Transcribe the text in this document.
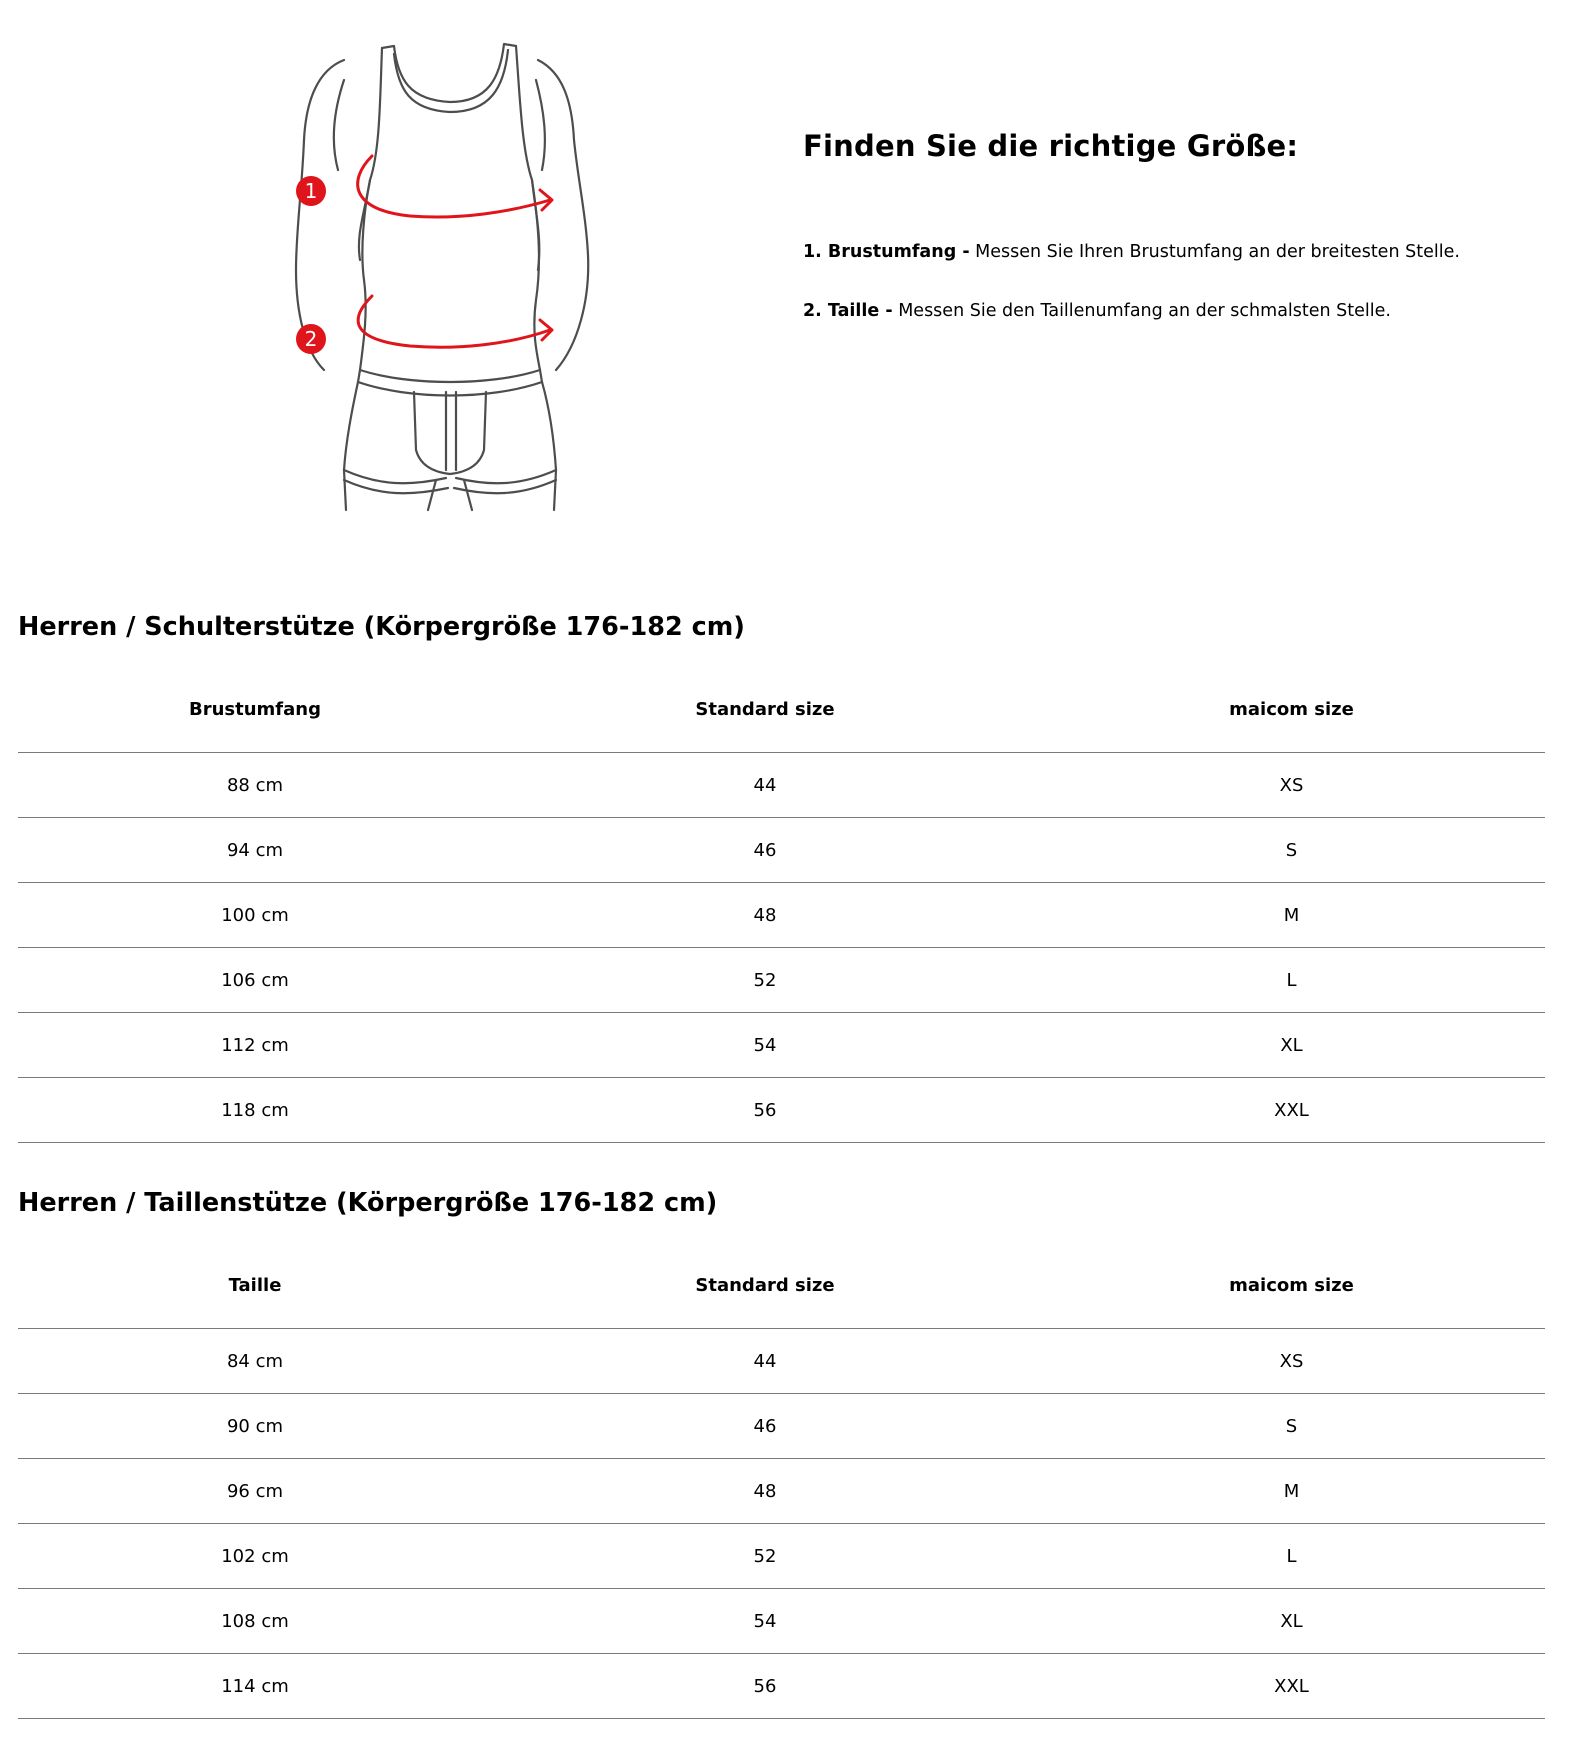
1
2
Finden Sie die richtige Größe:
1. Brustumfang - Messen Sie Ihren Brustumfang an der breitesten Stelle.
2. Taille - Messen Sie den Taillenumfang an der schmalsten Stelle.
Herren / Schulterstütze (Körpergröße 176-182 cm)
Brustumfang	Standard size	maicom size
88 cm	44	XS
94 cm	46	S
100 cm	48	M
106 cm	52	L
112 cm	54	XL
118 cm	56	XXL
Herren / Taillenstütze (Körpergröße 176-182 cm)
Taille	Standard size	maicom size
84 cm	44	XS
90 cm	46	S
96 cm	48	M
102 cm	52	L
108 cm	54	XL
114 cm	56	XXL
